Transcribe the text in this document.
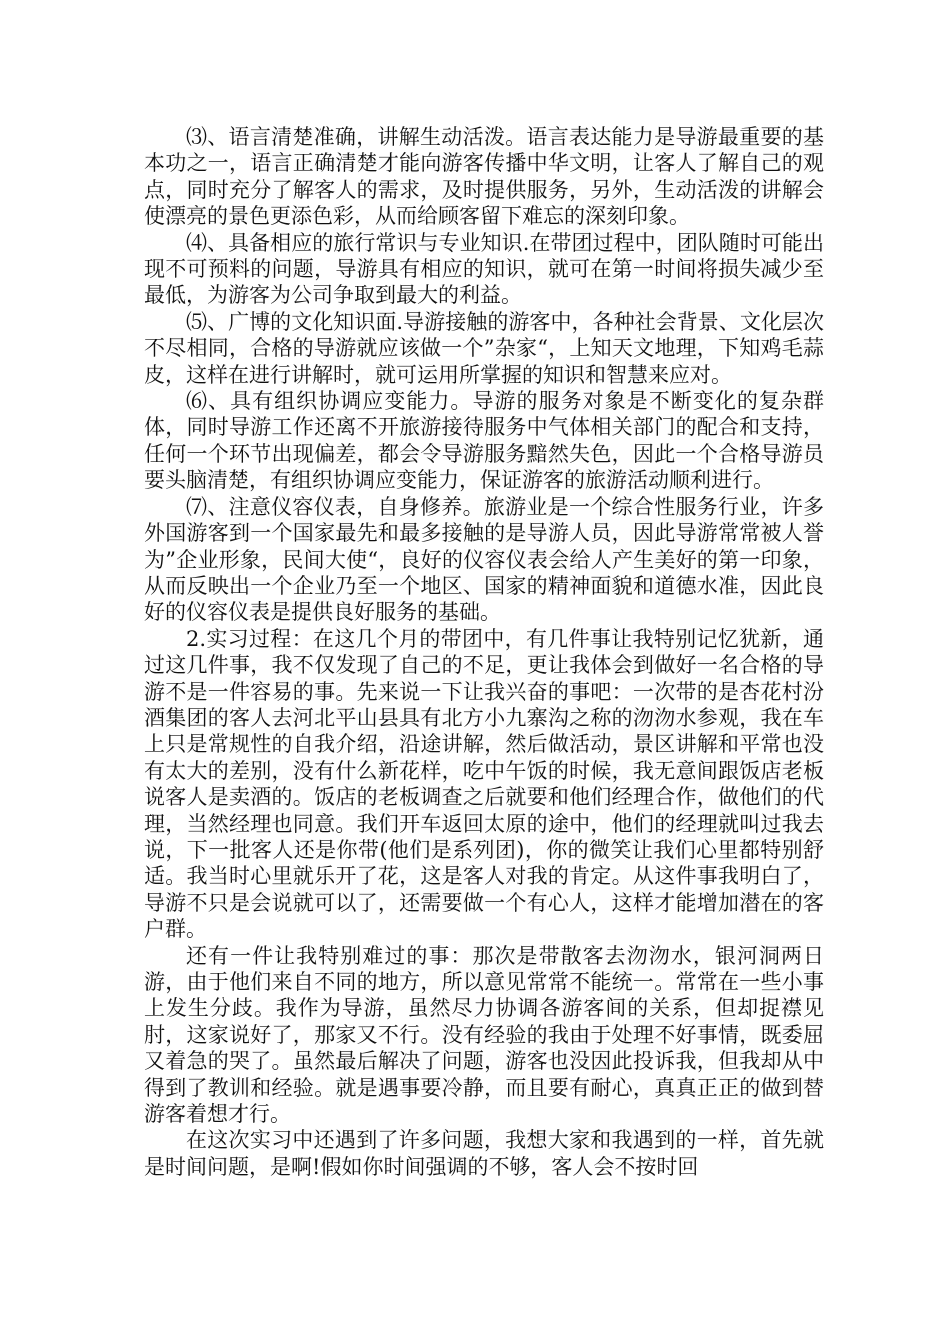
⑶、语言清楚准确，讲解生动活泼。语言表达能力是导游最重要的基本功之一，语言正确清楚才能向游客传播中华文明，让客人了解自己的观点，同时充分了解客人的需求，及时提供服务，另外，生动活泼的讲解会使漂亮的景色更添色彩，从而给顾客留下难忘的深刻印象。

⑷、具备相应的旅行常识与专业知识.在带团过程中，团队随时可能出现不可预料的问题，导游具有相应的知识，就可在第一时间将损失减少至最低，为游客为公司争取到最大的利益。

⑸、广博的文化知识面.导游接触的游客中，各种社会背景、文化层次不尽相同，合格的导游就应该做一个”杂家“，上知天文地理，下知鸡毛蒜皮，这样在进行讲解时，就可运用所掌握的知识和智慧来应对。

⑹、具有组织协调应变能力。导游的服务对象是不断变化的复杂群体，同时导游工作还离不开旅游接待服务中气体相关部门的配合和支持，任何一个环节出现偏差，都会令导游服务黯然失色，因此一个合格导游员要头脑清楚，有组织协调应变能力，保证游客的旅游活动顺利进行。

⑺、注意仪容仪表，自身修养。旅游业是一个综合性服务行业，许多外国游客到一个国家最先和最多接触的是导游人员，因此导游常常被人誉为”企业形象，民间大使“，良好的仪容仪表会给人产生美好的第一印象，从而反映出一个企业乃至一个地区、国家的精神面貌和道德水准，因此良好的仪容仪表是提供良好服务的基础。

2.实习过程：在这几个月的带团中，有几件事让我特别记忆犹新，通过这几件事，我不仅发现了自己的不足，更让我体会到做好一名合格的导游不是一件容易的事。先来说一下让我兴奋的事吧：一次带的是杏花村汾酒集团的客人去河北平山县具有北方小九寨沟之称的沕沕水参观，我在车上只是常规性的自我介绍，沿途讲解，然后做活动，景区讲解和平常也没有太大的差别，没有什么新花样，吃中午饭的时候，我无意间跟饭店老板说客人是卖酒的。饭店的老板调查之后就要和他们经理合作，做他们的代理，当然经理也同意。我们开车返回太原的途中，他们的经理就叫过我去说，下一批客人还是你带(他们是系列团)，你的微笑让我们心里都特别舒适。我当时心里就乐开了花，这是客人对我的肯定。从这件事我明白了，导游不只是会说就可以了，还需要做一个有心人，这样才能增加潜在的客户群。

还有一件让我特别难过的事：那次是带散客去沕沕水，银河洞两日游，由于他们来自不同的地方，所以意见常常不能统一。常常在一些小事上发生分歧。我作为导游，虽然尽力协调各游客间的关系，但却捉襟见肘，这家说好了，那家又不行。没有经验的我由于处理不好事情，既委屈又着急的哭了。虽然最后解决了问题，游客也没因此投诉我，但我却从中得到了教训和经验。就是遇事要冷静，而且要有耐心，真真正正的做到替游客着想才行。

在这次实习中还遇到了许多问题，我想大家和我遇到的一样，首先就是时间问题，是啊!假如你时间强调的不够，客人会不按时回
